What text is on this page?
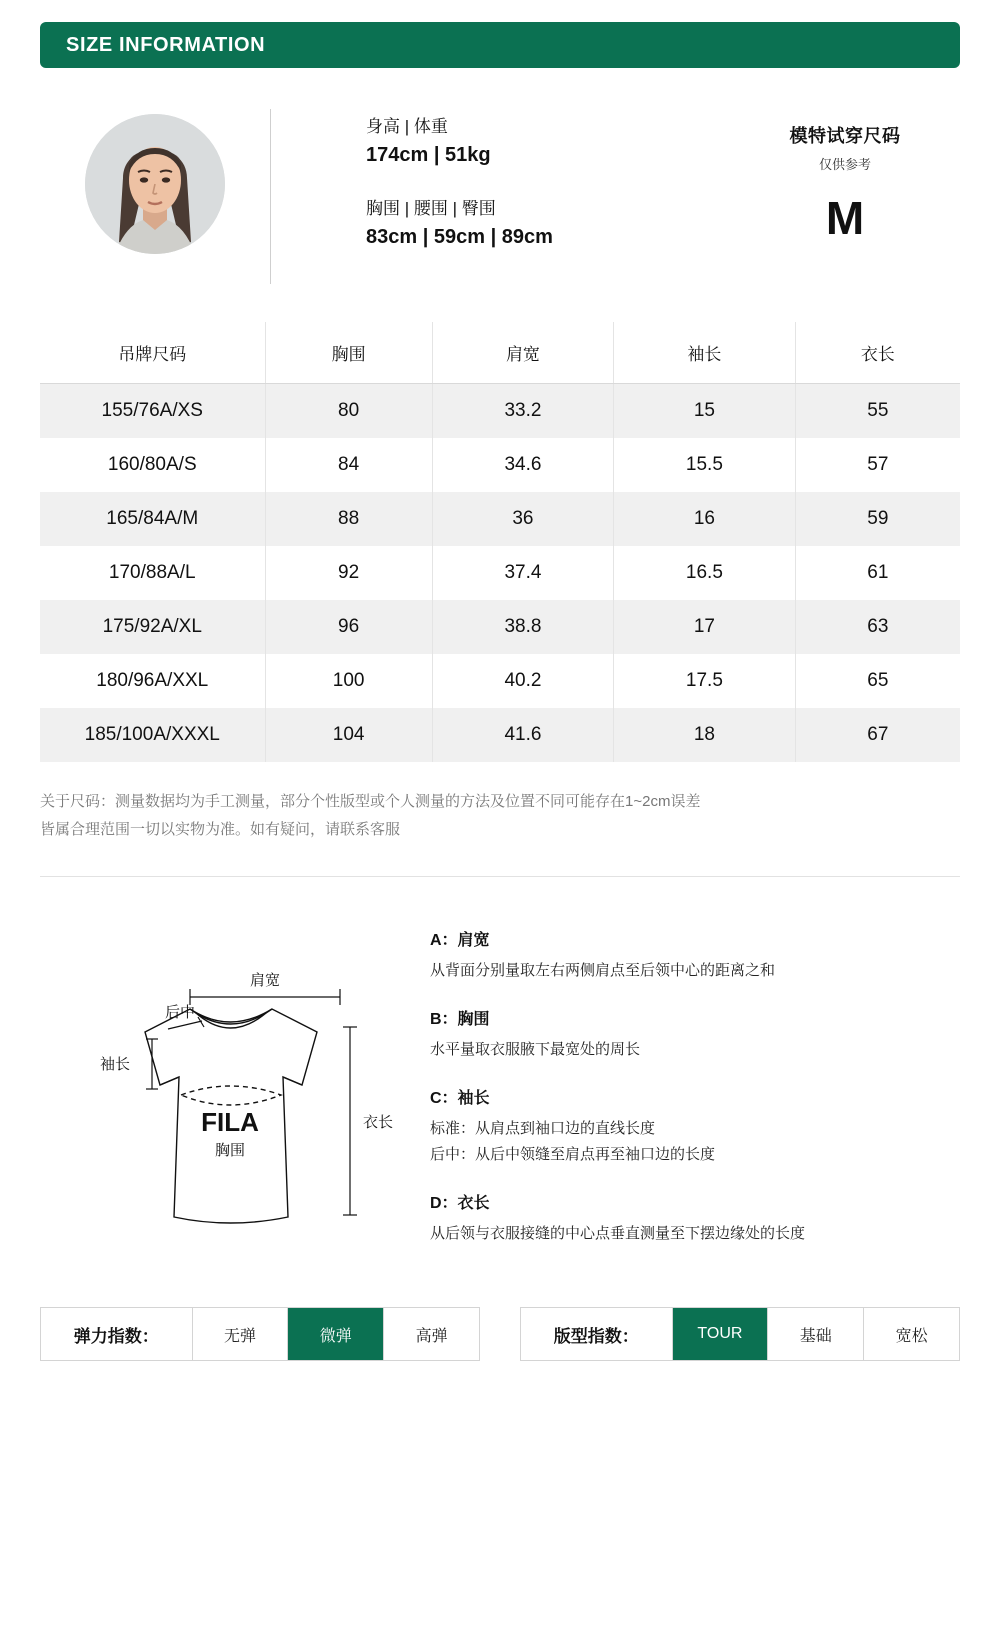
SIZE INFORMATION
身高 | 体重
174cm | 51kg
胸围 | 腰围 | 臀围
83cm | 59cm | 89cm
模特试穿尺码
仅供参考
M
吊牌尺码	胸围	肩宽	袖长	衣长
155/76A/XS	80	33.2	15	55
160/80A/S	84	34.6	15.5	57
165/84A/M	88	36	16	59
170/88A/L	92	37.4	16.5	61
175/92A/XL	96	38.8	17	63
180/96A/XXL	100	40.2	17.5	65
185/100A/XXXL	104	41.6	18	67
关于尺码：测量数据均为手工测量，部分个性版型或个人测量的方法及位置不同可能存在1~2cm误差
皆属合理范围一切以实物为准。如有疑问，请联系客服
FILA
胸围
肩宽
后中
袖长
衣长
A：肩宽
从背面分别量取左右两侧肩点至后领中心的距离之和
B：胸围
水平量取衣服腋下最宽处的周长
C：袖长
标准：从肩点到袖口边的直线长度
后中：从后中领缝至肩点再至袖口边的长度
D：衣长
从后领与衣服接缝的中心点垂直测量至下摆边缘处的长度
弹力指数：	无弹	微弹	高弹	版型指数：	TOUR	基础	宽松
